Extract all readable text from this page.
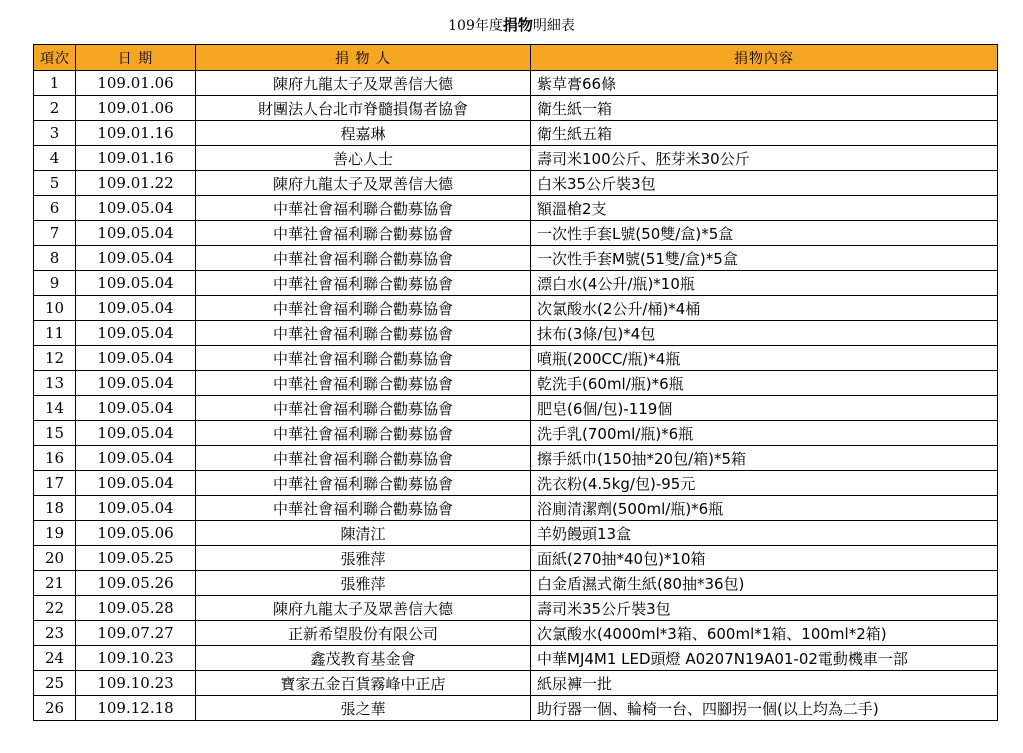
109年度捐物明細表
項次	日 期	捐 物 人	捐物內容
1	109.01.06	陳府九龍太子及眾善信大德	紫草膏66條
2	109.01.06	財團法人台北市脊髓損傷者協會	衛生紙一箱
3	109.01.16	程嘉琳	衛生紙五箱
4	109.01.16	善心人士	壽司米100公斤、胚芽米30公斤
5	109.01.22	陳府九龍太子及眾善信大德	白米35公斤裝3包
6	109.05.04	中華社會福利聯合勸募協會	額溫槍2支
7	109.05.04	中華社會福利聯合勸募協會	一次性手套L號(50雙/盒)*5盒
8	109.05.04	中華社會福利聯合勸募協會	一次性手套M號(51雙/盒)*5盒
9	109.05.04	中華社會福利聯合勸募協會	漂白水(4公升/瓶)*10瓶
10	109.05.04	中華社會福利聯合勸募協會	次氯酸水(2公升/桶)*4桶
11	109.05.04	中華社會福利聯合勸募協會	抹布(3條/包)*4包
12	109.05.04	中華社會福利聯合勸募協會	噴瓶(200CC/瓶)*4瓶
13	109.05.04	中華社會福利聯合勸募協會	乾洗手(60ml/瓶)*6瓶
14	109.05.04	中華社會福利聯合勸募協會	肥皂(6個/包)-119個
15	109.05.04	中華社會福利聯合勸募協會	洗手乳(700ml/瓶)*6瓶
16	109.05.04	中華社會福利聯合勸募協會	擦手紙巾(150抽*20包/箱)*5箱
17	109.05.04	中華社會福利聯合勸募協會	洗衣粉(4.5kg/包)-95元
18	109.05.04	中華社會福利聯合勸募協會	浴廁清潔劑(500ml/瓶)*6瓶
19	109.05.06	陳清江	羊奶饅頭13盒
20	109.05.25	張雅萍	面紙(270抽*40包)*10箱
21	109.05.26	張雅萍	白金盾濕式衛生紙(80抽*36包)
22	109.05.28	陳府九龍太子及眾善信大德	壽司米35公斤裝3包
23	109.07.27	正新希望股份有限公司	次氯酸水(4000ml*3箱、600ml*1箱、100ml*2箱)
24	109.10.23	鑫茂教育基金會	中華MJ4M1 LED頭燈 A0207N19A01-02電動機車一部
25	109.10.23	寶家五金百貨霧峰中正店	紙尿褲一批
26	109.12.18	張之華	助行器一個、輪椅一台、四腳拐一個(以上均為二手)
